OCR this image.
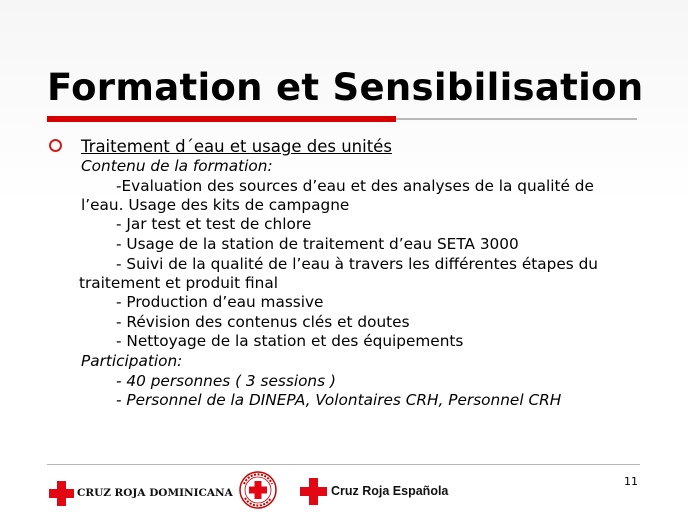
Formation et Sensibilisation
Traitement d´eau et usage des unités
Contenu de la formation:
-Evaluation des sources d’eau et des analyses de la qualité de
l’eau. Usage des kits de campagne
- Jar test et test de chlore
- Usage de la station de traitement d’eau SETA 3000
- Suivi de la qualité de l’eau à travers les différentes étapes du
traitement et produit final
- Production d’eau massive
- Révision des contenus clés et doutes
- Nettoyage de la station et des équipements
Participation:
- 40 personnes ( 3 sessions )
- Personnel de la DINEPA, Volontaires CRH, Personnel CRH
11
CRUZ ROJA DOMINICANA	Cruz Roja Española
